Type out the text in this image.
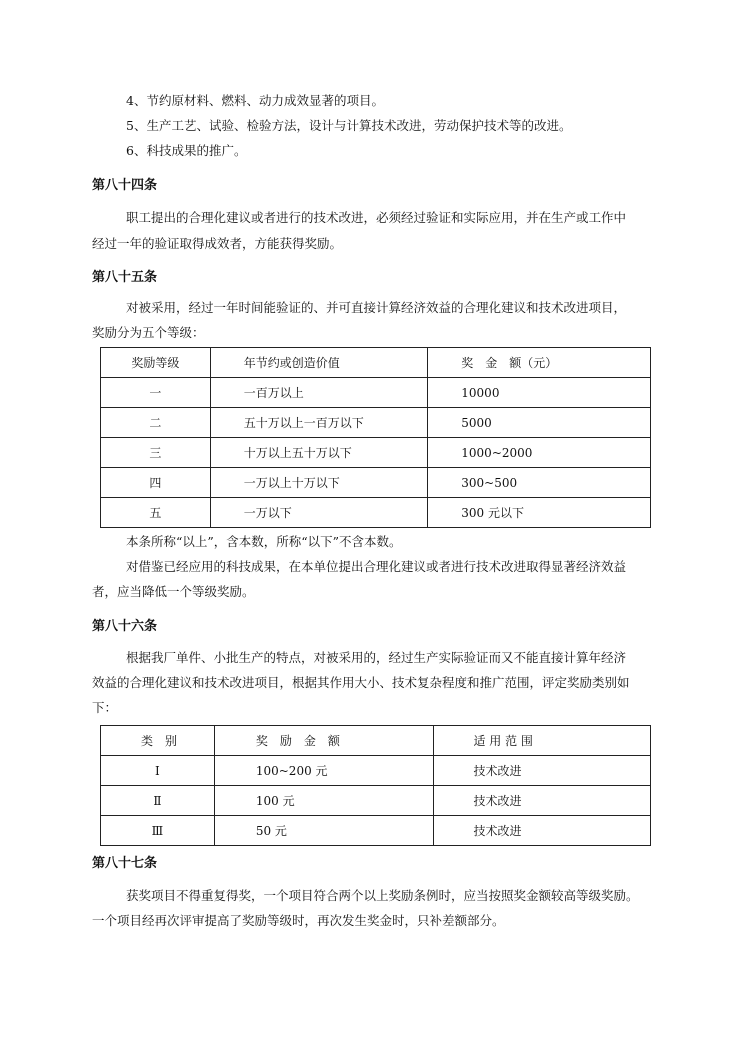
4、节约原材料、燃料、动力成效显著的项目。
5、生产工艺、试验、检验方法，设计与计算技术改进，劳动保护技术等的改进。
6、科技成果的推广。
第八十四条
职工提出的合理化建议或者进行的技术改进，必须经过验证和实际应用，并在生产或工作中
经过一年的验证取得成效者，方能获得奖励。
第八十五条
对被采用，经过一年时间能验证的、并可直接计算经济效益的合理化建议和技术改进项目，
奖励分为五个等级：
奖励等级	年节约或创造价值	奖　金　额（元）
一	一百万以上	10000
二	五十万以上一百万以下	5000
三	十万以上五十万以下	1000~2000
四	一万以上十万以下	300~500
五	一万以下	300 元以下
本条所称“以上”，含本数，所称“以下”不含本数。
对借鉴已经应用的科技成果，在本单位提出合理化建议或者进行技术改进取得显著经济效益
者，应当降低一个等级奖励。
第八十六条
根据我厂单件、小批生产的特点，对被采用的，经过生产实际验证而又不能直接计算年经济
效益的合理化建议和技术改进项目，根据其作用大小、技术复杂程度和推广范围，评定奖励类别如
下：
类　别	奖　励　金　额	适 用 范 围
Ⅰ	100~200 元	技术改进
Ⅱ	100 元	技术改进
Ⅲ	50 元	技术改进
第八十七条
获奖项目不得重复得奖，一个项目符合两个以上奖励条例时，应当按照奖金额较高等级奖励。
一个项目经再次评审提高了奖励等级时，再次发生奖金时，只补差额部分。
